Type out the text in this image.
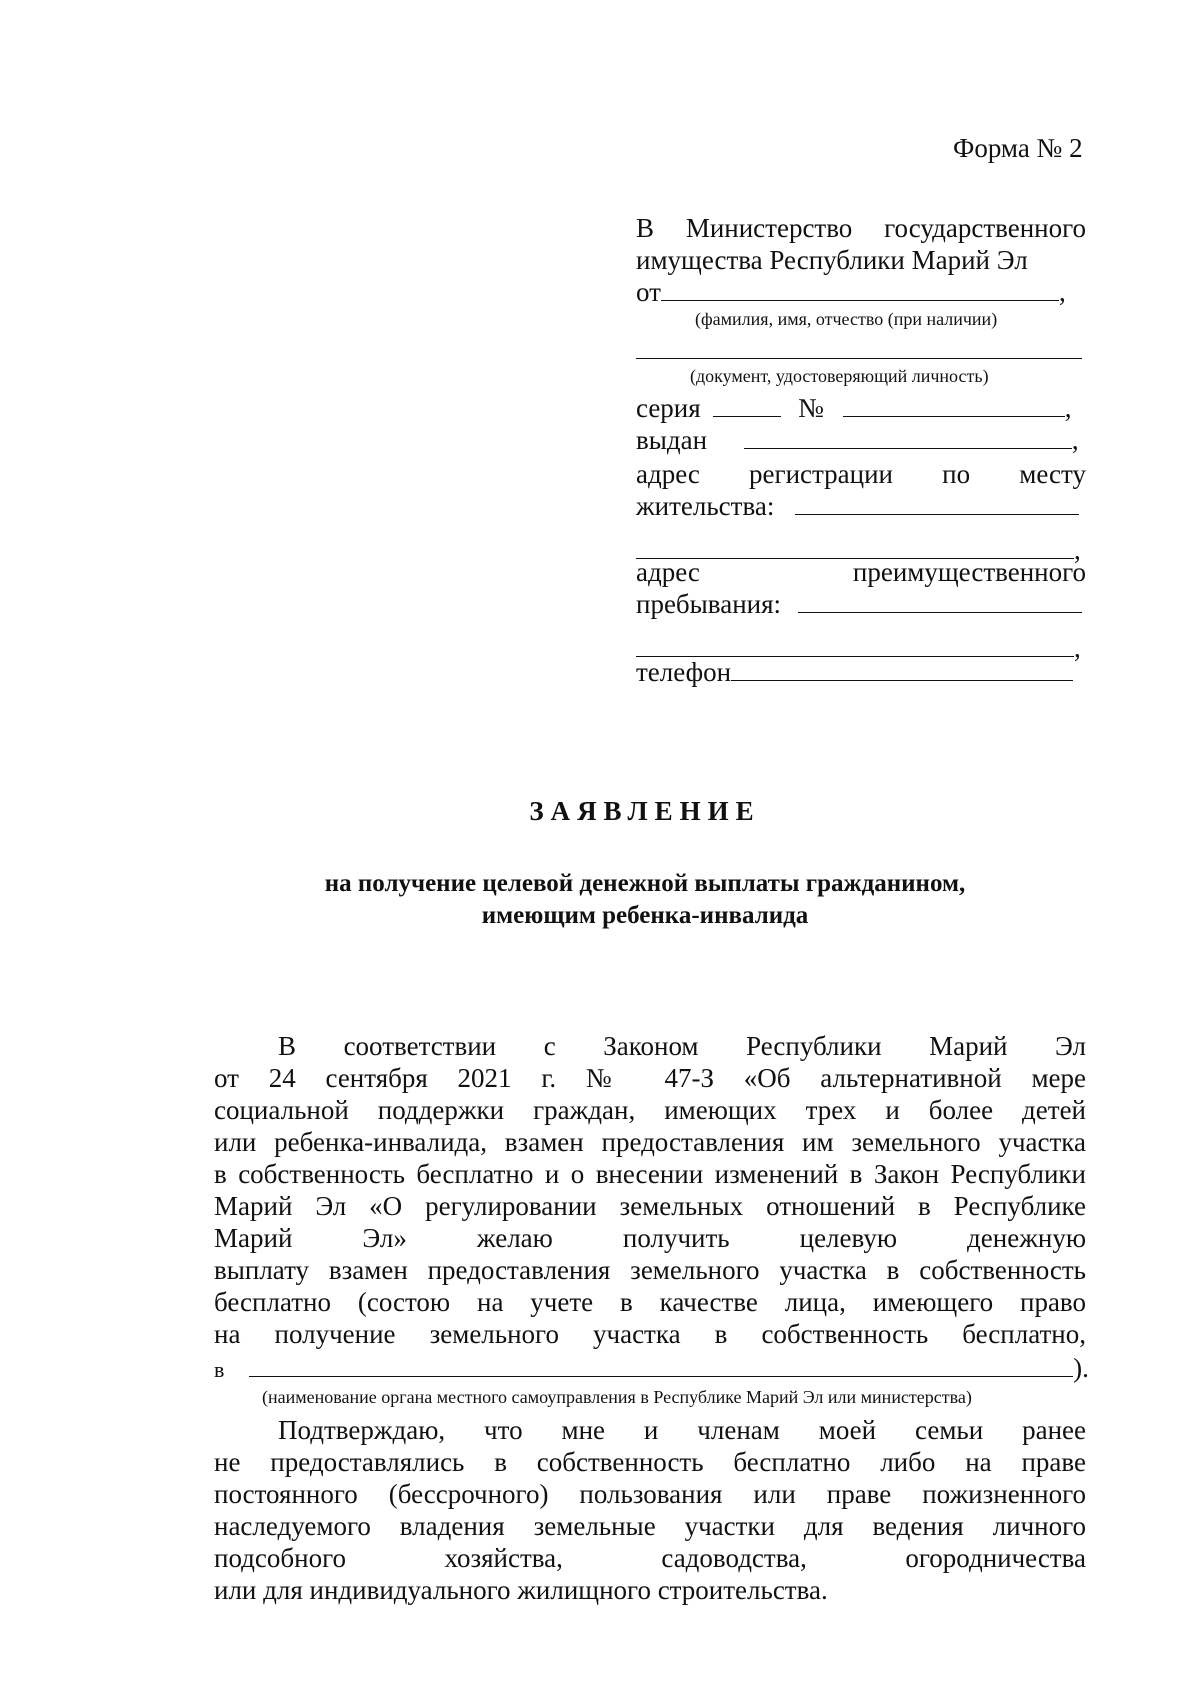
Форма № 2
В Министерство государственного
имущества Республики Марий Эл
от	,
(фамилия, имя, отчество (при наличии)
(документ, удостоверяющий личность)
серия	№	,
выдан	,
адрес регистрации по месту
жительства:
,
адрес	преимущественного
пребывания:
,
телефон
ЗАЯВЛЕНИЕ
на получение целевой денежной выплаты гражданином,
имеющим ребенка-инвалида
В соответствии с Законом Республики Марий Эл
от 24 сентября 2021 г. № 47-З «Об альтернативной мере
социальной поддержки граждан, имеющих трех и более детей
или ребенка-инвалида, взамен предоставления им земельного участка
в собственность бесплатно и о внесении изменений в Закон Республики
Марий Эл «О регулировании земельных отношений в Республике
Марий Эл» желаю получить целевую денежную
выплату взамен предоставления земельного участка в собственность
бесплатно (состою на учете в качестве лица, имеющего право
на получение земельного участка в собственность бесплатно,
в	).
(наименование органа местного самоуправления в Республике Марий Эл или министерства)
Подтверждаю, что мне и членам моей семьи ранее
не предоставлялись в собственность бесплатно либо на праве
постоянного (бессрочного) пользования или праве пожизненного
наследуемого владения земельные участки для ведения личного
подсобного хозяйства, садоводства, огородничества
или для индивидуального жилищного строительства.
